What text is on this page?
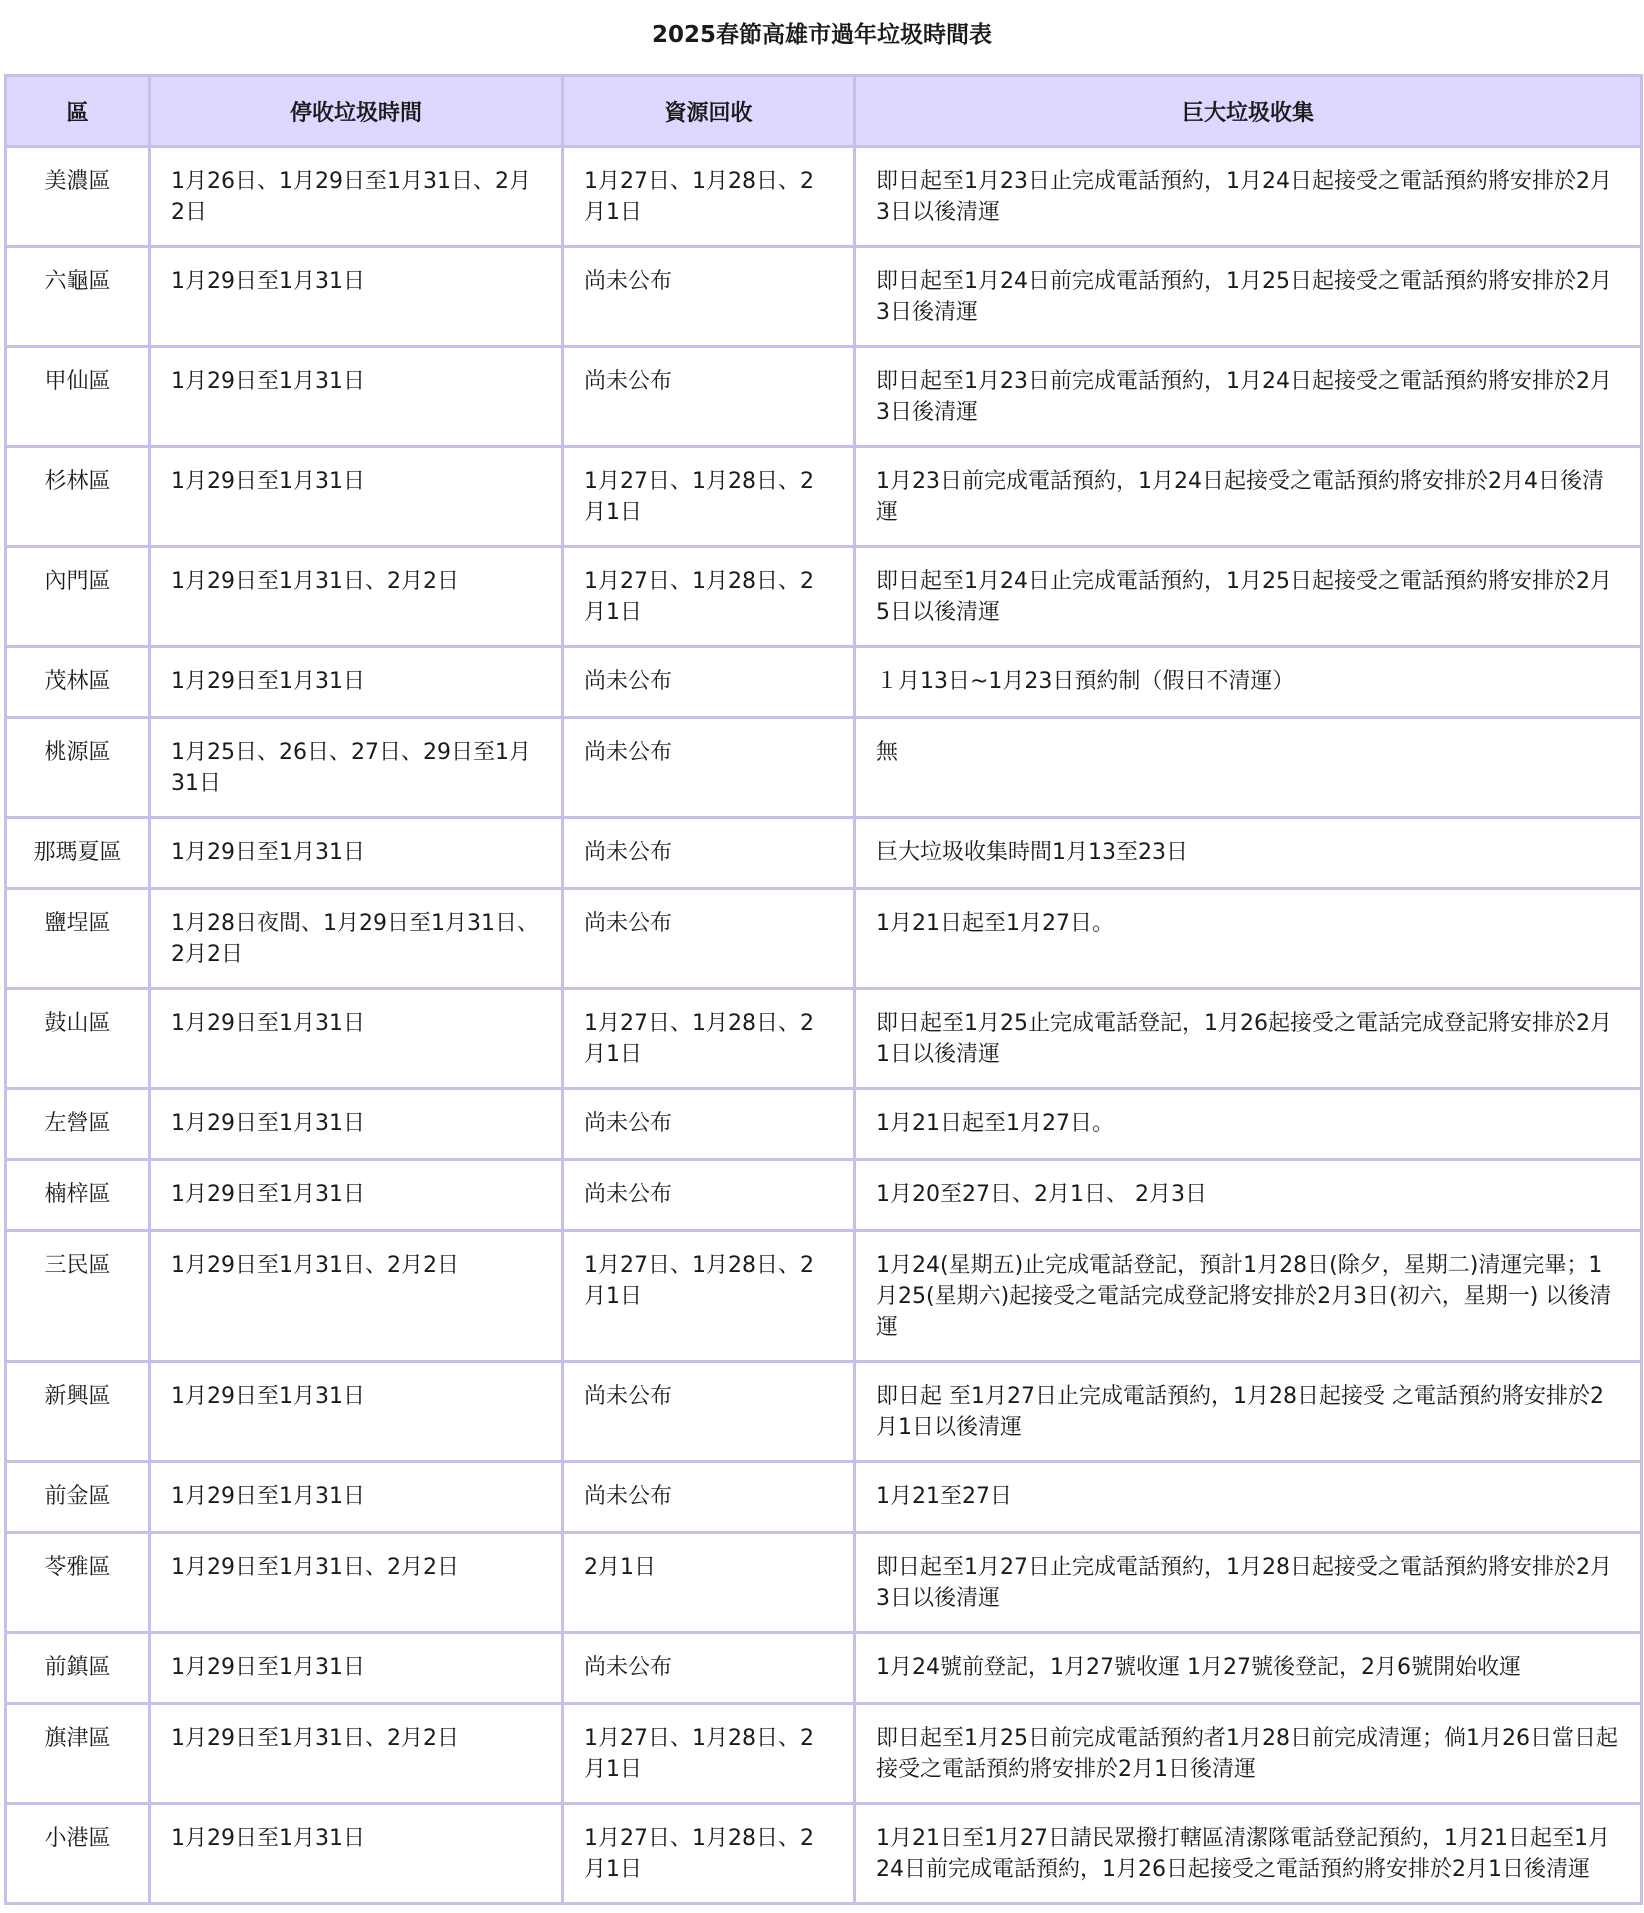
2025春節高雄市過年垃圾時間表
區	停收垃圾時間	資源回收	巨大垃圾收集
美濃區	1月26日、1月29日至1月31日、2月2日	1月27日、1月28日、2月1日	即日起至1月23日止完成電話預約，1月24日起接受之電話預約將安排於2月3日以後清運
六龜區	1月29日至1月31日	尚未公布	即日起至1月24日前完成電話預約，1月25日起接受之電話預約將安排於2月3日後清運
甲仙區	1月29日至1月31日	尚未公布	即日起至1月23日前完成電話預約，1月24日起接受之電話預約將安排於2月3日後清運
杉林區	1月29日至1月31日	1月27日、1月28日、2月1日	1月23日前完成電話預約，1月24日起接受之電話預約將安排於2月4日後清運
內門區	1月29日至1月31日、2月2日	1月27日、1月28日、2月1日	即日起至1月24日止完成電話預約，1月25日起接受之電話預約將安排於2月5日以後清運
茂林區	1月29日至1月31日	尚未公布	１月13日~1月23日預約制（假日不清運）
桃源區	1月25日、26日、27日、29日至1月31日	尚未公布	無
那瑪夏區	1月29日至1月31日	尚未公布	巨大垃圾收集時間1月13至23日
鹽埕區	1月28日夜間、1月29日至1月31日、2月2日	尚未公布	1月21日起至1月27日。
鼓山區	1月29日至1月31日	1月27日、1月28日、2月1日	即日起至1月25止完成電話登記，1月26起接受之電話完成登記將安排於2月1日以後清運
左營區	1月29日至1月31日	尚未公布	1月21日起至1月27日。
楠梓區	1月29日至1月31日	尚未公布	1月20至27日、2月1日、 2月3日
三民區	1月29日至1月31日、2月2日	1月27日、1月28日、2月1日	1月24(星期五)止完成電話登記，預計1月28日(除夕，星期二)清運完畢；1月25(星期六)起接受之電話完成登記將安排於2月3日(初六，星期一) 以後清運
新興區	1月29日至1月31日	尚未公布	即日起 至1月27日止完成電話預約，1月28日起接受 之電話預約將安排於2月1日以後清運
前金區	1月29日至1月31日	尚未公布	1月21至27日
苓雅區	1月29日至1月31日、2月2日	2月1日	即日起至1月27日止完成電話預約，1月28日起接受之電話預約將安排於2月3日以後清運
前鎮區	1月29日至1月31日	尚未公布	1月24號前登記，1月27號收運 1月27號後登記，2月6號開始收運
旗津區	1月29日至1月31日、2月2日	1月27日、1月28日、2月1日	即日起至1月25日前完成電話預約者1月28日前完成清運；倘1月26日當日起接受之電話預約將安排於2月1日後清運
小港區	1月29日至1月31日	1月27日、1月28日、2月1日	1月21日至1月27日請民眾撥打轄區清潔隊電話登記預約，1月21日起至1月24日前完成電話預約，1月26日起接受之電話預約將安排於2月1日後清運
